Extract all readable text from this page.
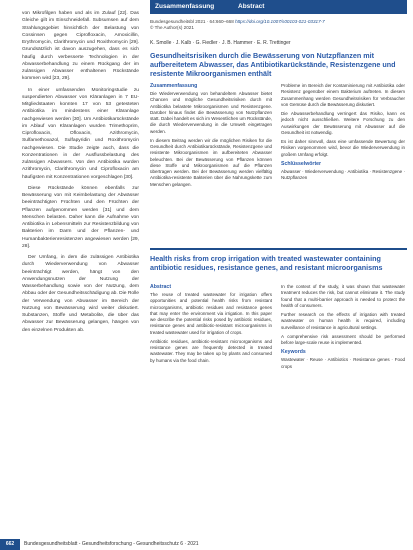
von Mikrofilgen haben und als im Zulauf [22]. Das Gleiche gilt im Einschneidefall. Subsumsen auf dem Strahlungsgebiet hinsichtlich der Belastung von Cossinsen gegen Ciprofloxacin, Amoxicillin, Erythromycin, Clarithromycin und Roxithromycin [29]. Grundsätzlich ist davon auszugehen, dass es sich häufig durch verbesserte Technologien in der Abwasserbehandlung zu einem Rückgang der im zulässigen Abwasser enthaltenen Rückstände kommen wird [23, 29].

In einer umfassenden Monitoringstudie zu suspendierten Abwasser von Kläranlagen in 7 EU-Mitgliedstaaten konnten 17 von 53 getesteten Antibiotika im mindestens einer Kläranlage nachgewiesen werden [30]. Um Antibiotikarückstände im Ablauf von Kläranlagen wurden Trimethoprim, Ciprofloxacin, Ofloxacin, Azithromycin, Sulfamethoxazol, Sulfapyridin und Roxithromycin nachgewiesen. Die Studie zeigte auch, dass die Konzentrationen in der Ausflussbelastung des zulässigen Abwassers. Von den Antibiotika wurden Azithromycin, Clarithromycin und Ciprofloxacin am häufigsten mit Konzentrationen vorgeschlagen [30].

Diese Rückstände können ebenfalls zur Bewässerung von mit Keimbelastung der Abwässer beeinträchtigten Früchten und den Früchten der Pflanzen aufgenommen werden [31] und dem Menschen belasten. Daher kann die Aufnahme von Antibiotika in Lebensmitteln zur Resistenzbildung von Bakterien im Darm und der Pflanzen- und Humanbakterienresistenzen angewiesen werden [29, 28].

Der Umfang, in dem die zulässigen Antibiotika durch Wiederverwendung von Abwasser beeinträchtigt werden, hängt von den Anwendungsnutzen der Nutzung der Wasserbehandlung sowie von der Nutzung, dem Abbau oder der Gesundheitsschädigung ab. Die Rolle der Verwendung von Abwasser im Bereich der Nutzung von Bewässerung wird weiter diskutiert. Substanzen, Stoffe und Metabolite, die über das Abwasser zur Bewässerung gelangen, hängen von den einzelnen Produkten ab.

Zusammenfassung	Abstract
Bundesgesundheitsbl 2021 · 64:660–668 https://doi.org/10.1007/s00103-021-03317-7
© The Author(s) 2021
K. Smolle · J. Kalb · G. Fiedler · J. B. Hammer · E. R. Trettinger
Gesundheitsrisiken durch die Bewässerung von Nutzpflanzen mit aufbereitetem Abwasser, das Antibiotikarückstände, Resistenzgene und resistente Mikroorganismen enthält
Zusammenfassung

Die Wiederverwendung von behandeltem Abwasser bietet Chancen und mögliche Gesundheitsrisiken durch mit Antibiotika belastete Mikroorganismen und Resistenzgene. Darüber hinaus findet die Bewässerung von Nutzpflanzen statt. Dabei handelt es sich im Wesentlichen um Rückstände, die durch Wiederverwendung in die Umwelt eingetragen werden.

In diesem Beitrag werden wir die möglichen Risiken für die Gesundheit durch Antibiotikarückstände, Resistenzgene und resistente Mikroorganismen im aufbereiteten Abwasser beleuchten. Bei der Bewässerung von Pflanzen können diese Stoffe und Mikroorganismen auf die Pflanzen übertragen werden. Bei der Bewässerung werden vielfältig Antibiotika-resistente Bakterien über die Nahrungskette zum Menschen gelangen.

Probleme im Bereich der Kontaminierung mit Antibiotika oder Resistenz gegenüber einem Bakterium auftreten. In diesem Zusammenhang werden Gesundheitsrisiken für Verbraucher von Gemüse durch die Bewässerung diskutiert.

Die Abwasserbehandlung verringert das Risiko, kann es jedoch nicht ausschließen. Weitere Forschung zu den Auswirkungen der Bewässerung mit Abwasser auf die Gesundheit ist notwendig.

Es ist daher sinnvoll, dass eine umfassende Bewertung der Risiken vorgenommen wird, bevor die Wiederverwendung in großem Umfang erfolgt.

Schlüsselwörter

Abwasser · Wiederverwendung · Antibiotika · Resistenzgene · Nutzpflanzen

Health risks from crop irrigation with treated wastewater containing antibiotic residues, resistance genes, and resistant microorganisms
Abstract

The reuse of treated wastewater for irrigation offers opportunities and potential health risks from resistant microorganisms, antibiotic residues and resistance genes that may enter the environment via irrigation. In this paper we describe the potential risks posed by antibiotic residues, resistance genes and antibiotic-resistant microorganisms in treated wastewater used for irrigation of crops.

Antibiotic residues, antibiotic-resistant microorganisms and resistance genes are frequently detected in treated wastewater. They may be taken up by plants and consumed by humans via the food chain.

In the context of the study, it was shown that wastewater treatment reduces the risk, but cannot eliminate it. The study found that a multi-barrier approach is needed to protect the health of consumers.

Further research on the effects of irrigation with treated wastewater on human health is required, including surveillance of resistance in agricultural settings.

A comprehensive risk assessment should be performed before large-scale reuse is implemented.

Keywords

Wastewater · Reuse · Antibiotics · Resistance genes · Food crops

662	Bundesgesundheitsblatt - Gesundheitsforschung - Gesundheitsschutz 6 · 2021
